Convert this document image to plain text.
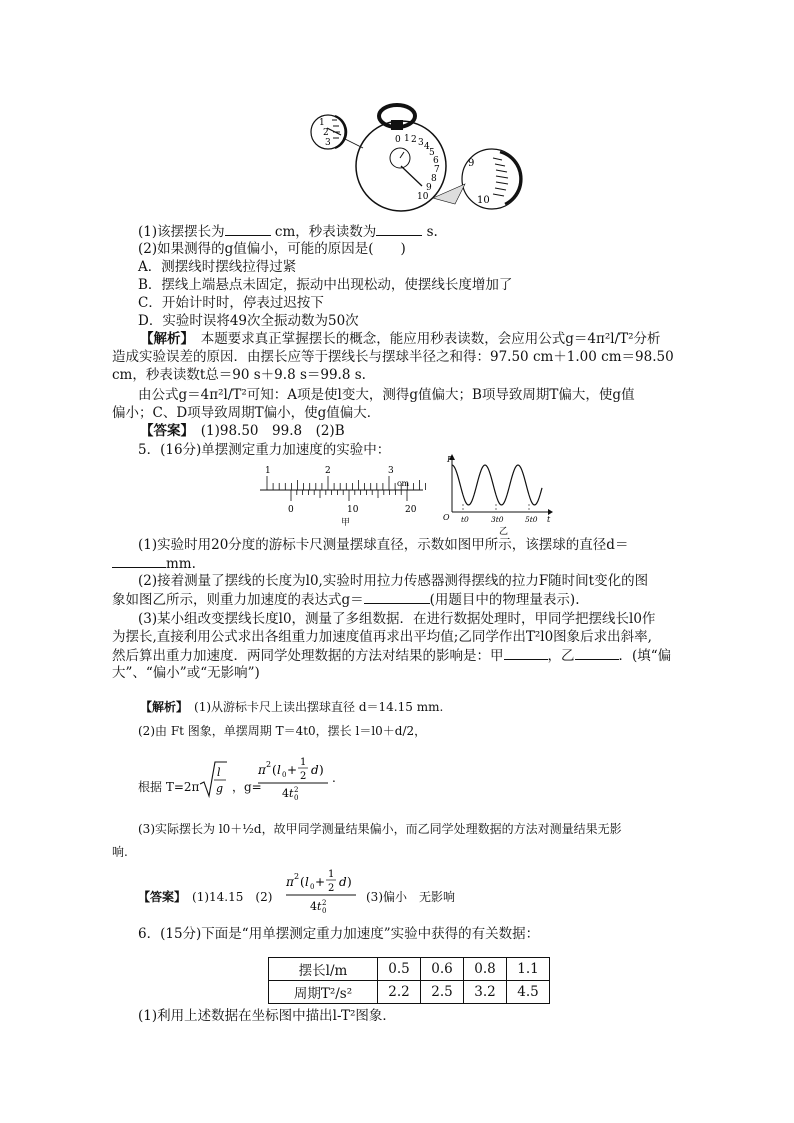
0 1 2 3 4
5
6
7
8
9
10
1
2
3
9
10
(1)该摆摆长为	cm，秒表读数为	s.
(2)如果测得的g值偏小，可能的原因是(　　)
A．测摆线时摆线拉得过紧
B．摆线上端悬点未固定，振动中出现松动，使摆线长度增加了
C．开始计时时，停表过迟按下
D．实验时误将49次全振动数为50次
【解析】　 本题要求真正掌握摆长的概念，能应用秒表读数，会应用公式g＝4π²l/T²分析
造成实验误差的原因．由摆长应等于摆线长与摆球半径之和得：97.50 cm＋1.00 cm＝98.50
cm，秒表读数t总＝90 s＋9.8 s＝99.8 s.
由公式g＝4π²l/T²可知：A项是使l变大，测得g值偏大；B项导致周期T偏大，使g值
偏小；C、D项导致周期T偏小，使g值偏大．
【答案】　 (1)98.50　99.8　(2)B
5．(16分)单摆测定重力加速度的实验中：
1	2	3
cm
0	10	20
甲
F
O	t
t0	3t0	5t0
乙
(1)实验时用20分度的游标卡尺测量摆球直径，示数如图甲所示，该摆球的直径d＝
mm.
(2)接着测量了摆线的长度为l0,实验时用拉力传感器测得摆线的拉力F随时间t变化的图
象如图乙所示，则重力加速度的表达式g＝	(用题目中的物理量表示).
(3)某小组改变摆线长度l0，测量了多组数据．在进行数据处理时，甲同学把摆线长l0作
为摆长,直接利用公式求出各组重力加速度值再求出平均值;乙同学作出T²l0图象后求出斜率,
然后算出重力加速度．两同学处理数据的方法对结果的影响是：甲	，乙	．(填“偏
大”、“偏小”或“无影响”)
【解析】　 (1)从游标卡尺上读出摆球直径 d＝14.15 mm.
(2)由 Ft 图象，单摆周期 T＝4t0，摆长 l＝l0＋d/2，
根据 T=2π
l
g ，g=
π 2 ( l 0 +
1
2 d )
4 t 0
2
.
(3)实际摆长为 l0＋½d，故甲同学测量结果偏小，而乙同学处理数据的方法对测量结果无影
响.
【答案】　 (1)14.15　(2)
π 2 ( l 0 +
1
2 d )
4 t 0
2	(3)偏小　无影响
6．(15分)下面是“用单摆测定重力加速度”实验中获得的有关数据：
摆长l/m	0.5	0.6	0.8	1.1
周期T²/s²	2.2	2.5	3.2	4.5
(1)利用上述数据在坐标图中描出l-T²图象．
